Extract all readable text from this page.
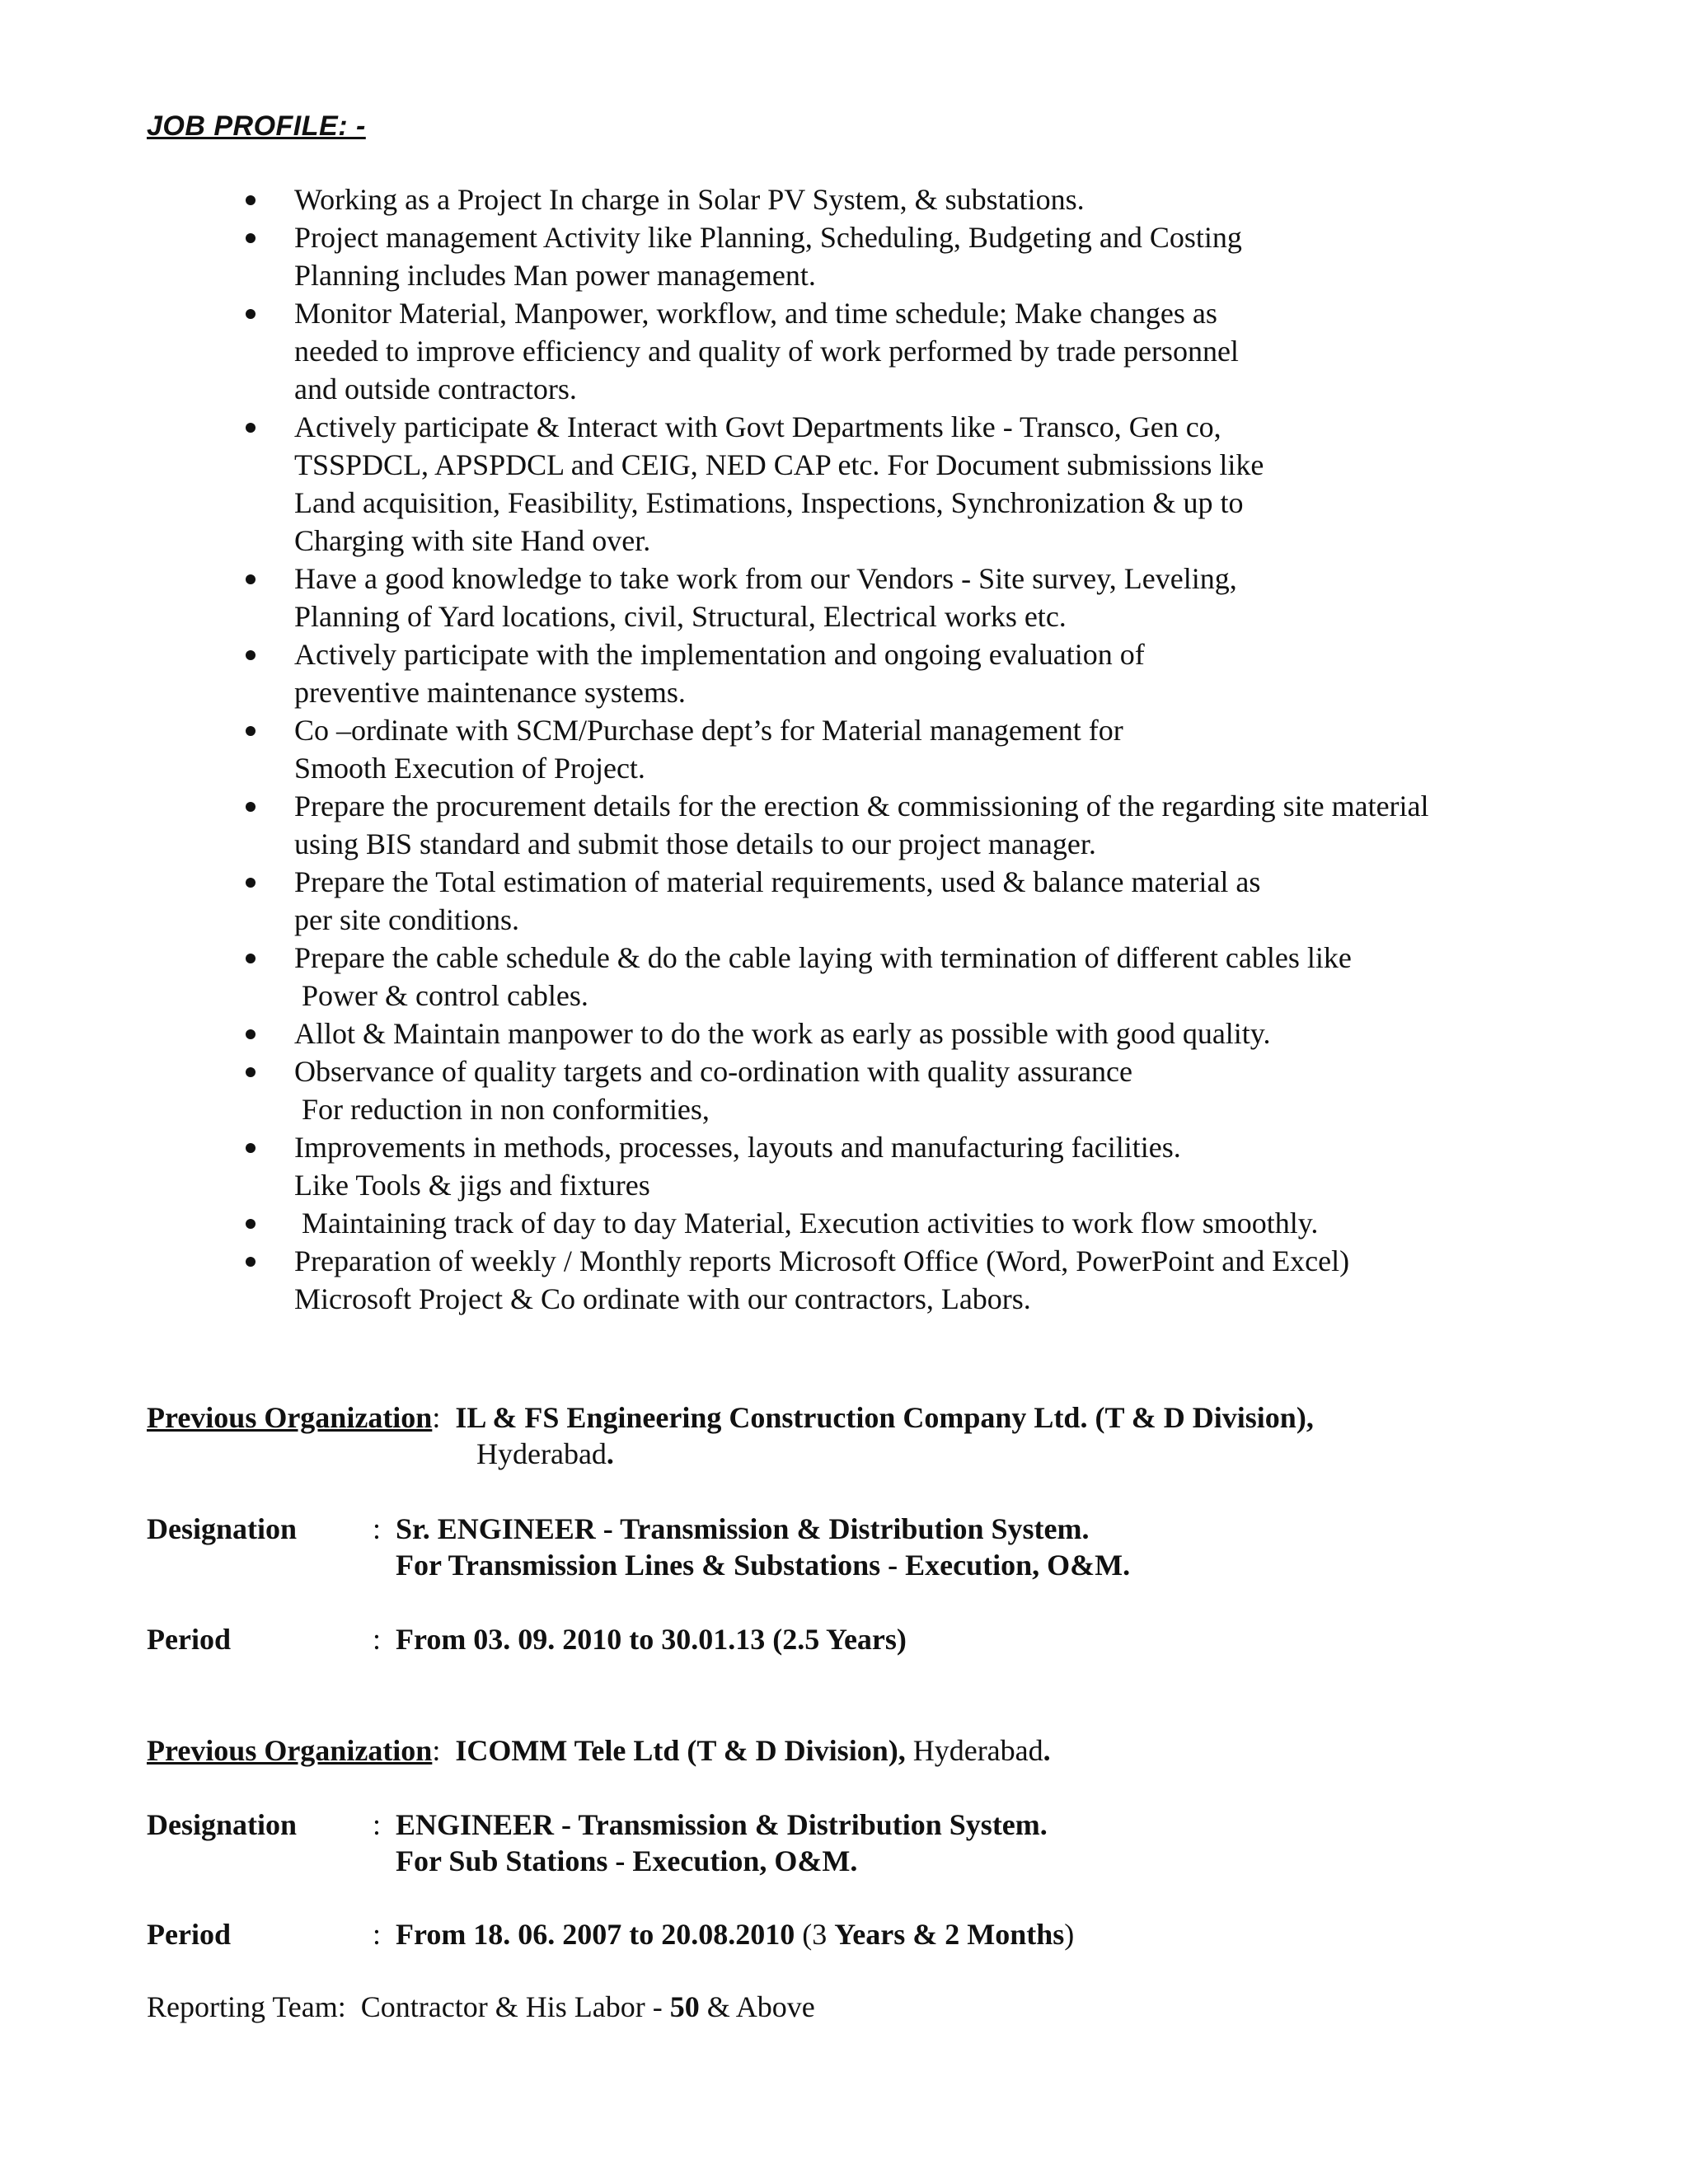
JOB PROFILE: -
Working as a Project In charge in Solar PV System, & substations.
Project management Activity like Planning, Scheduling, Budgeting and Costing
Planning includes Man power management.
Monitor Material, Manpower, workflow, and time schedule; Make changes as
needed to improve efficiency and quality of work performed by trade personnel
and outside contractors.
Actively participate & Interact with Govt Departments like - Transco, Gen co,
TSSPDCL, APSPDCL and CEIG, NED CAP etc. For Document submissions like
Land acquisition, Feasibility, Estimations, Inspections, Synchronization & up to
Charging with site Hand over.
Have a good knowledge to take work from our Vendors - Site survey, Leveling,
Planning of Yard locations, civil, Structural, Electrical works etc.
Actively participate with the implementation and ongoing evaluation of
preventive maintenance systems.
Co –ordinate with SCM/Purchase dept’s for Material management for
Smooth Execution of Project.
Prepare the procurement details for the erection & commissioning of the regarding site material
using BIS standard and submit those details to our project manager.
Prepare the Total estimation of material requirements, used & balance material as
per site conditions.
Prepare the cable schedule & do the cable laying with termination of different cables like
Power & control cables.
Allot & Maintain manpower to do the work as early as possible with good quality.
Observance of quality targets and co-ordination with quality assurance
For reduction in non conformities,
Improvements in methods, processes, layouts and manufacturing facilities.
Like Tools & jigs and fixtures
Maintaining track of day to day Material, Execution activities to work flow smoothly.
Preparation of weekly / Monthly reports Microsoft Office (Word, PowerPoint and Excel)
Microsoft Project & Co ordinate with our contractors, Labors.
Previous Organization: IL & FS Engineering Construction Company Ltd. (T & D Division),
Hyderabad.
Designation	: Sr. ENGINEER - Transmission & Distribution System.
For Transmission Lines & Substations - Execution, O&M.
Period	: From 03. 09. 2010 to 30.01.13 (2.5 Years)
Previous Organization: ICOMM Tele Ltd (T & D Division), Hyderabad.
Designation	: ENGINEER - Transmission & Distribution System.
For Sub Stations - Execution, O&M.
Period	: From 18. 06. 2007 to 20.08.2010 (3 Years & 2 Months)
Reporting Team:  Contractor & His Labor - 50 & Above
